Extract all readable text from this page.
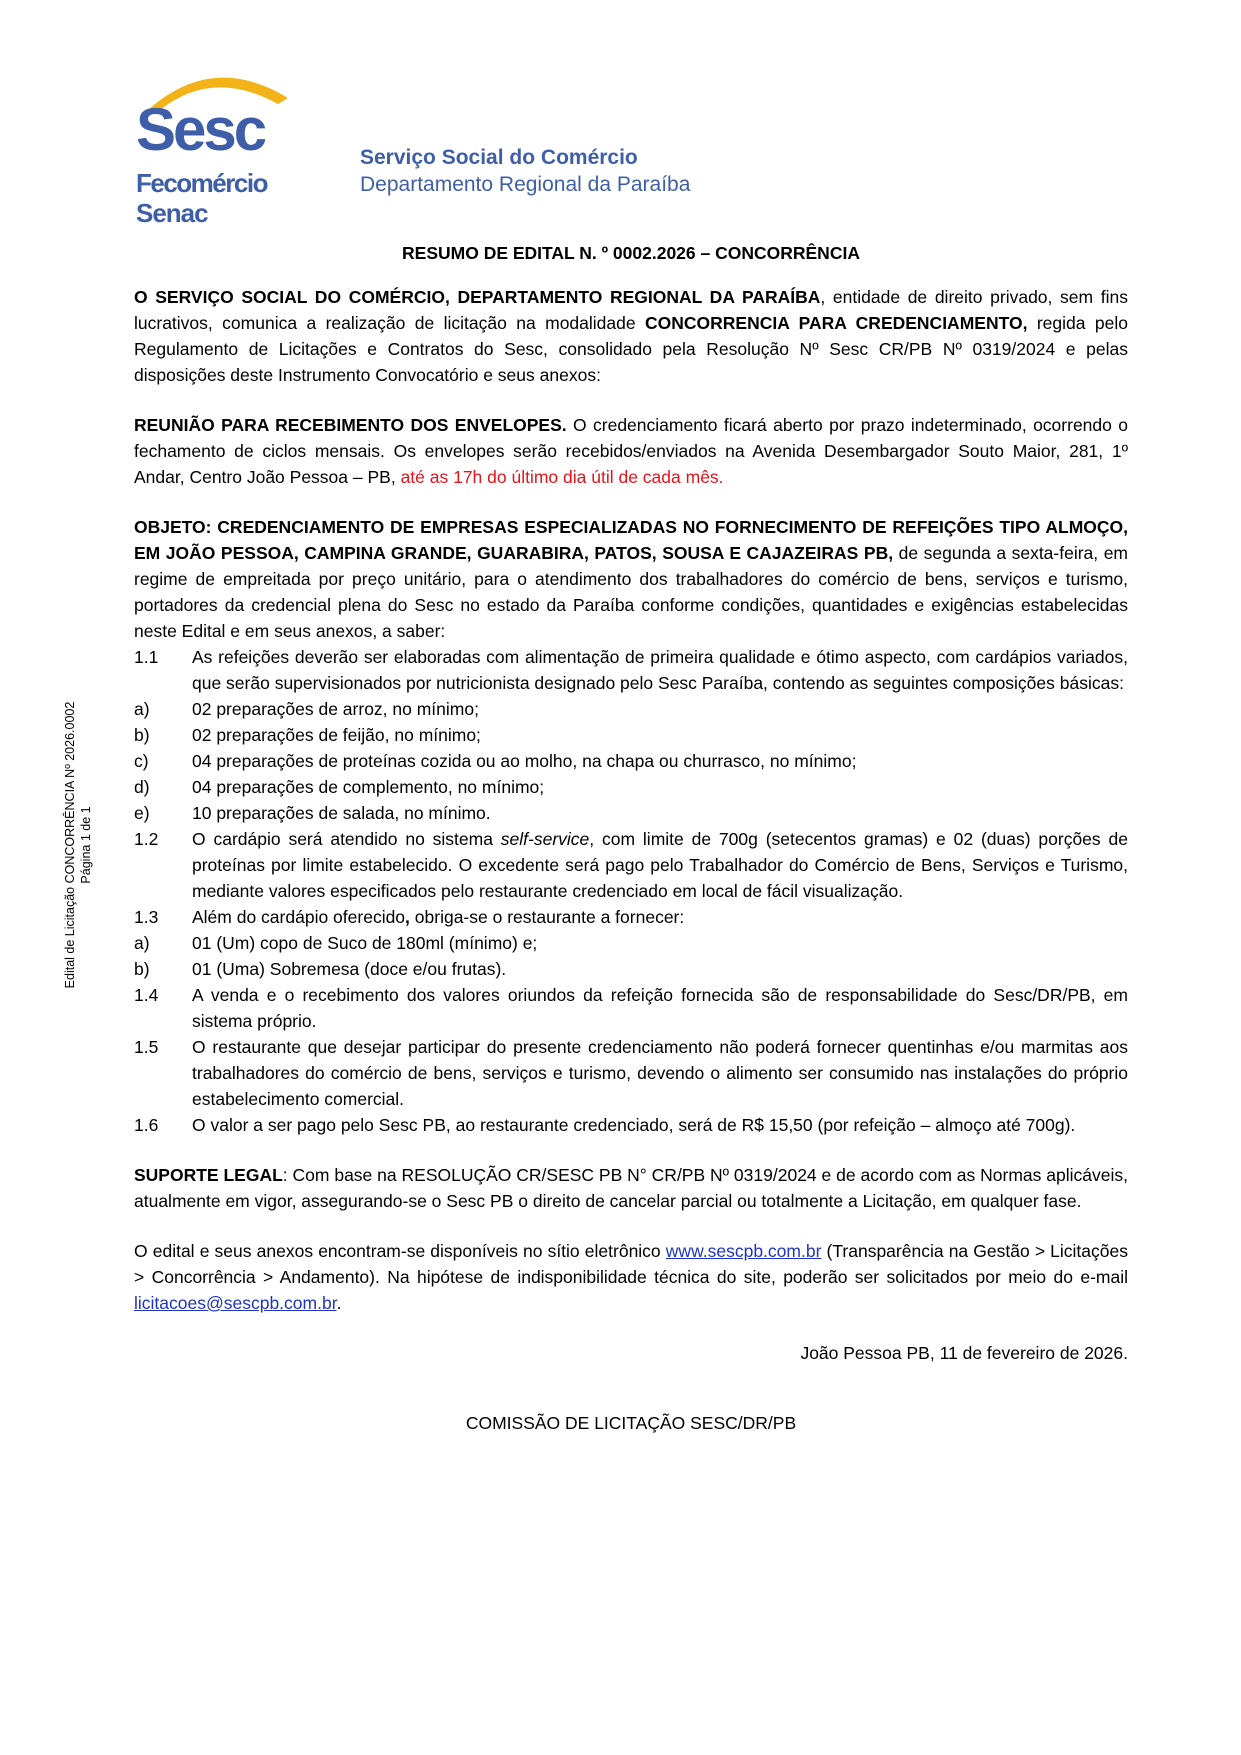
Sesc
Fecomércio
Senac
Serviço Social do Comércio
Departamento Regional da Paraíba
Edital de Licitação CONCORRÊNCIA Nº 2026.0002 Página 1 de 1
RESUMO DE EDITAL N. º 0002.2026 – CONCORRÊNCIA

O SERVIÇO SOCIAL DO COMÉRCIO, DEPARTAMENTO REGIONAL DA PARAÍBA, entidade de direito privado, sem fins lucrativos, comunica a realização de licitação na modalidade CONCORRENCIA PARA CREDENCIAMENTO, regida pelo Regulamento de Licitações e Contratos do Sesc, consolidado pela Resolução Nº Sesc CR/PB Nº 0319/2024 e pelas disposições deste Instrumento Convocatório e seus anexos:

REUNIÃO PARA RECEBIMENTO DOS ENVELOPES. O credenciamento ficará aberto por prazo indeterminado, ocorrendo o fechamento de ciclos mensais. Os envelopes serão recebidos/enviados na Avenida Desembargador Souto Maior, 281, 1º Andar, Centro João Pessoa – PB, até as 17h do último dia útil de cada mês.

OBJETO: CREDENCIAMENTO DE EMPRESAS ESPECIALIZADAS NO FORNECIMENTO DE REFEIÇÕES TIPO ALMOÇO, EM JOÃO PESSOA, CAMPINA GRANDE, GUARABIRA, PATOS, SOUSA E CAJAZEIRAS PB, de segunda a sexta-feira, em regime de empreitada por preço unitário, para o atendimento dos trabalhadores do comércio de bens, serviços e turismo, portadores da credencial plena do Sesc no estado da Paraíba conforme condições, quantidades e exigências estabelecidas neste Edital e em seus anexos, a saber:

1.1	As refeições deverão ser elaboradas com alimentação de primeira qualidade e ótimo aspecto, com cardápios variados, que serão supervisionados por nutricionista designado pelo Sesc Paraíba, contendo as seguintes composições básicas:
a)	02 preparações de arroz, no mínimo;
b)	02 preparações de feijão, no mínimo;
c)	04 preparações de proteínas cozida ou ao molho, na chapa ou churrasco, no mínimo;
d)	04 preparações de complemento, no mínimo;
e)	10 preparações de salada, no mínimo.
1.2	O cardápio será atendido no sistema self-service, com limite de 700g (setecentos gramas) e 02 (duas) porções de proteínas por limite estabelecido. O excedente será pago pelo Trabalhador do Comércio de Bens, Serviços e Turismo, mediante valores especificados pelo restaurante credenciado em local de fácil visualização.
1.3	Além do cardápio oferecido, obriga-se o restaurante a fornecer:
a)	01 (Um) copo de Suco de 180ml (mínimo) e;
b)	01 (Uma) Sobremesa (doce e/ou frutas).
1.4	A venda e o recebimento dos valores oriundos da refeição fornecida são de responsabilidade do Sesc/DR/PB, em sistema próprio.
1.5	O restaurante que desejar participar do presente credenciamento não poderá fornecer quentinhas e/ou marmitas aos trabalhadores do comércio de bens, serviços e turismo, devendo o alimento ser consumido nas instalações do próprio estabelecimento comercial.
1.6	O valor a ser pago pelo Sesc PB, ao restaurante credenciado, será de R$ 15,50 (por refeição – almoço até 700g).

SUPORTE LEGAL: Com base na RESOLUÇÃO CR/SESC PB N° CR/PB Nº 0319/2024 e de acordo com as Normas aplicáveis, atualmente em vigor, assegurando-se o Sesc PB o direito de cancelar parcial ou totalmente a Licitação, em qualquer fase.

O edital e seus anexos encontram-se disponíveis no sítio eletrônico www.sescpb.com.br (Transparência na Gestão > Licitações > Concorrência > Andamento). Na hipótese de indisponibilidade técnica do site, poderão ser solicitados por meio do e-mail licitacoes@sescpb.com.br.

João Pessoa PB, 11 de fevereiro de 2026.
COMISSÃO DE LICITAÇÃO SESC/DR/PB
